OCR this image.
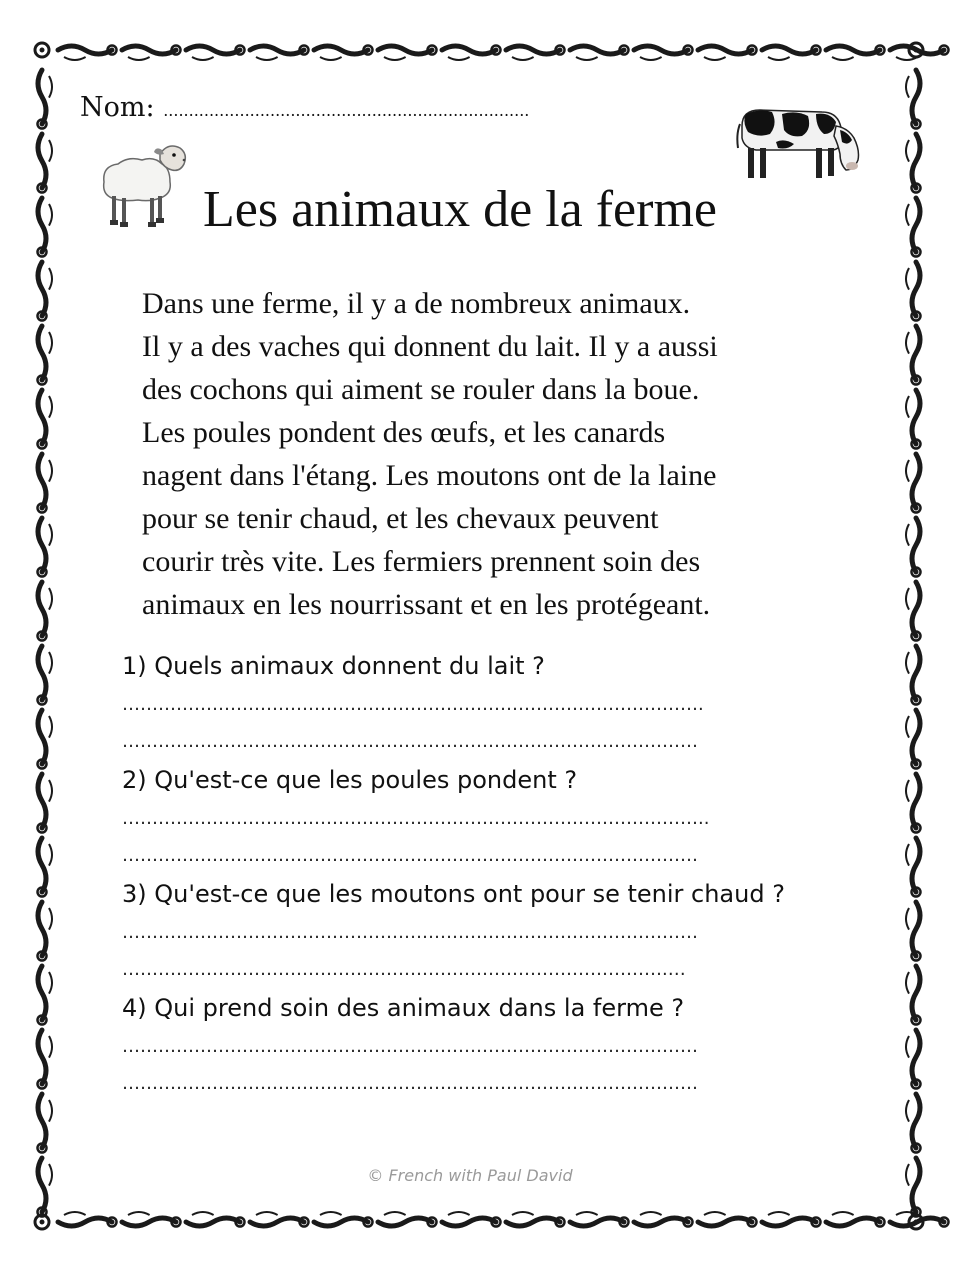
Nom: ........................................................................
Les animaux de la ferme
Dans une ferme, il y a de nombreux animaux.
Il y a des vaches qui donnent du lait. Il y a aussi
des cochons qui aiment se rouler dans la boue.
Les poules pondent des œufs, et les canards
nagent dans l'étang. Les moutons ont de la laine
pour se tenir chaud, et les chevaux peuvent
courir très vite. Les fermiers prennent soin des
animaux en les nourrissant et en les protégeant.
1) Quels animaux donnent du lait ?
…………………………………………………………………………………….
……………………………………………………………………………………
2) Qu'est-ce que les poules pondent ?
……………………………………………………………………………………..
……………………………………………………………………………………
3) Qu'est-ce que les moutons ont pour se tenir chaud ?
……………………………………………………………………………………
……………………………………………………………………………….…
4) Qui prend soin des animaux dans la ferme ?
……………………………………………………………………………………
……………………………………………………………………………………
© French with Paul David
